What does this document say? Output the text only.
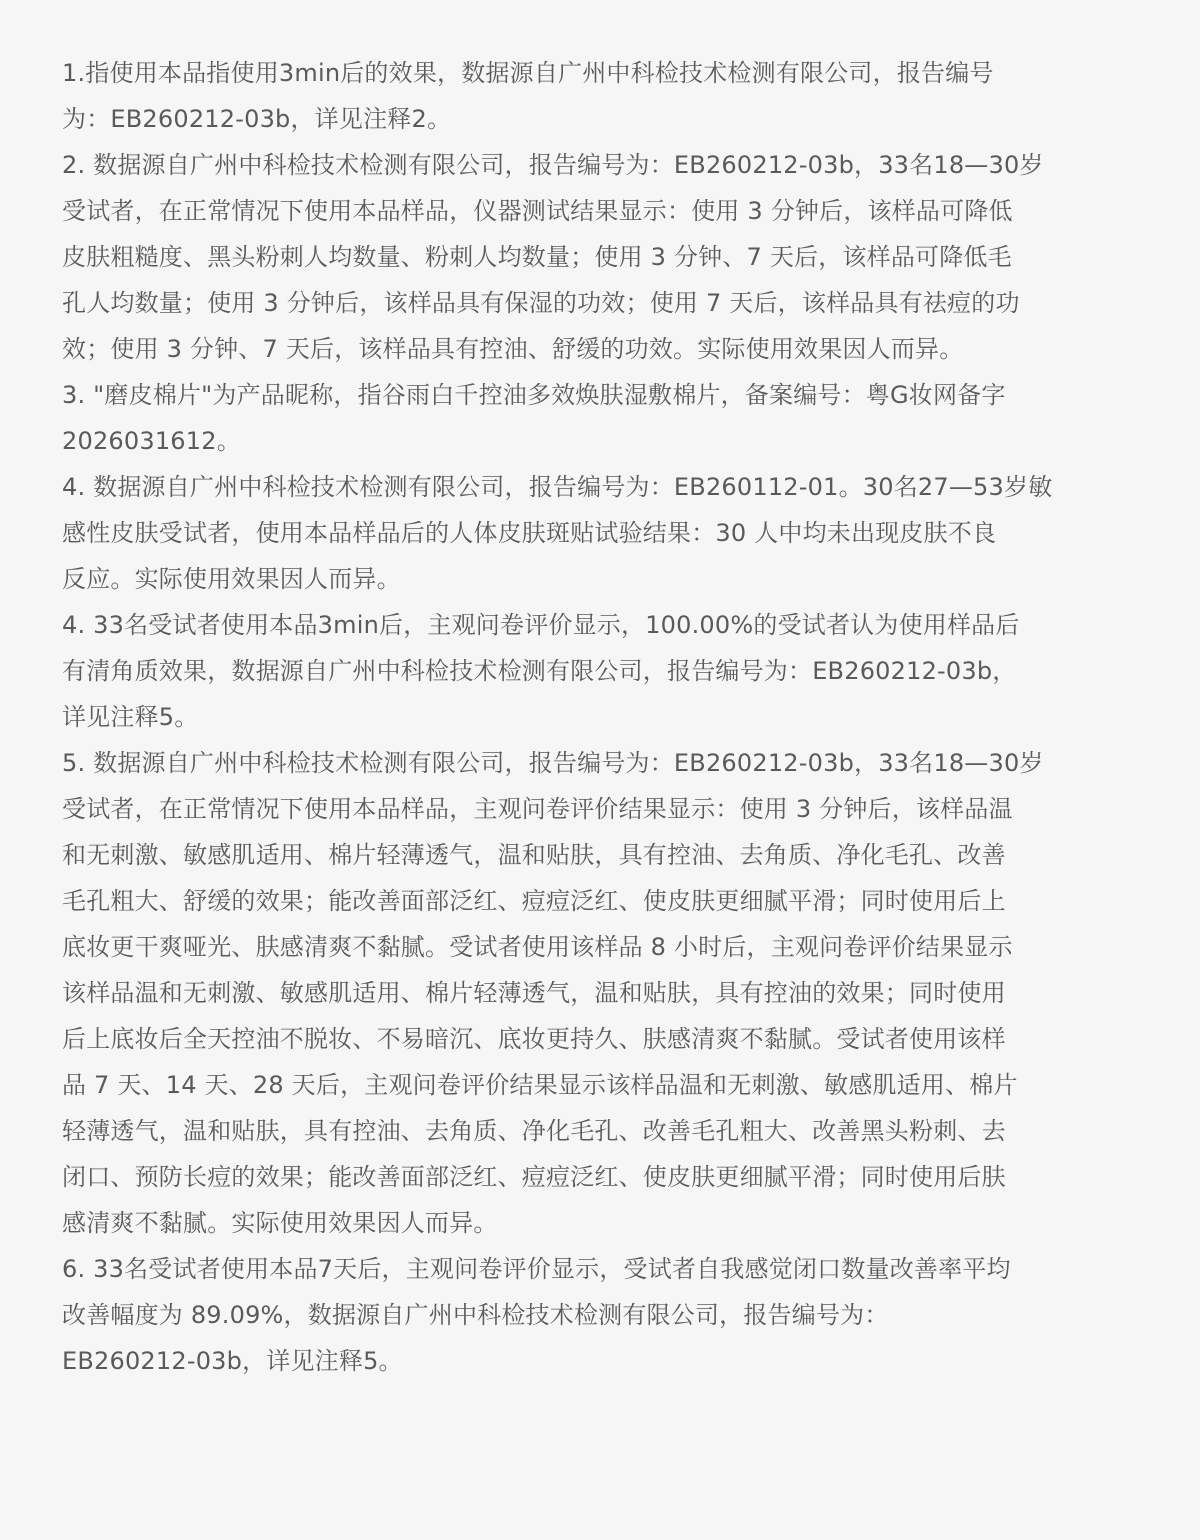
1.指使用本品指使用3min后的效果，数据源自广州中科检技术检测有限公司，报告编号
为：EB260212-03b，详见注释2。

2. 数据源自广州中科检技术检测有限公司，报告编号为：EB260212-03b，33名18—30岁
受试者，在正常情况下使用本品样品，仪器测试结果显示：使用 3 分钟后，该样品可降低
皮肤粗糙度、黑头粉刺人均数量、粉刺人均数量；使用 3 分钟、7 天后，该样品可降低毛
孔人均数量；使用 3 分钟后，该样品具有保湿的功效；使用 7 天后，该样品具有祛痘的功
效；使用 3 分钟、7 天后，该样品具有控油、舒缓的功效。实际使用效果因人而异。

3. "磨皮棉片"为产品昵称，指谷雨白千控油多效焕肤湿敷棉片，备案编号：粤G妆网备字
2026031612。

4. 数据源自广州中科检技术检测有限公司，报告编号为：EB260112-01。30名27—53岁敏
感性皮肤受试者，使用本品样品后的人体皮肤斑贴试验结果：30 人中均未出现皮肤不良
反应。实际使用效果因人而异。

4. 33名受试者使用本品3min后，主观问卷评价显示，100.00%的受试者认为使用样品后
有清角质效果，数据源自广州中科检技术检测有限公司，报告编号为：EB260212-03b，
详见注释5。

5. 数据源自广州中科检技术检测有限公司，报告编号为：EB260212-03b，33名18—30岁
受试者，在正常情况下使用本品样品，主观问卷评价结果显示：使用 3 分钟后，该样品温
和无刺激、敏感肌适用、棉片轻薄透气，温和贴肤，具有控油、去角质、净化毛孔、改善
毛孔粗大、舒缓的效果；能改善面部泛红、痘痘泛红、使皮肤更细腻平滑；同时使用后上
底妆更干爽哑光、肤感清爽不黏腻。受试者使用该样品 8 小时后，主观问卷评价结果显示
该样品温和无刺激、敏感肌适用、棉片轻薄透气，温和贴肤，具有控油的效果；同时使用
后上底妆后全天控油不脱妆、不易暗沉、底妆更持久、肤感清爽不黏腻。受试者使用该样
品 7 天、14 天、28 天后，主观问卷评价结果显示该样品温和无刺激、敏感肌适用、棉片
轻薄透气，温和贴肤，具有控油、去角质、净化毛孔、改善毛孔粗大、改善黑头粉刺、去
闭口、预防长痘的效果；能改善面部泛红、痘痘泛红、使皮肤更细腻平滑；同时使用后肤
感清爽不黏腻。实际使用效果因人而异。

6. 33名受试者使用本品7天后，主观问卷评价显示，受试者自我感觉闭口数量改善率平均
改善幅度为 89.09%，数据源自广州中科检技术检测有限公司，报告编号为：
EB260212-03b，详见注释5。
